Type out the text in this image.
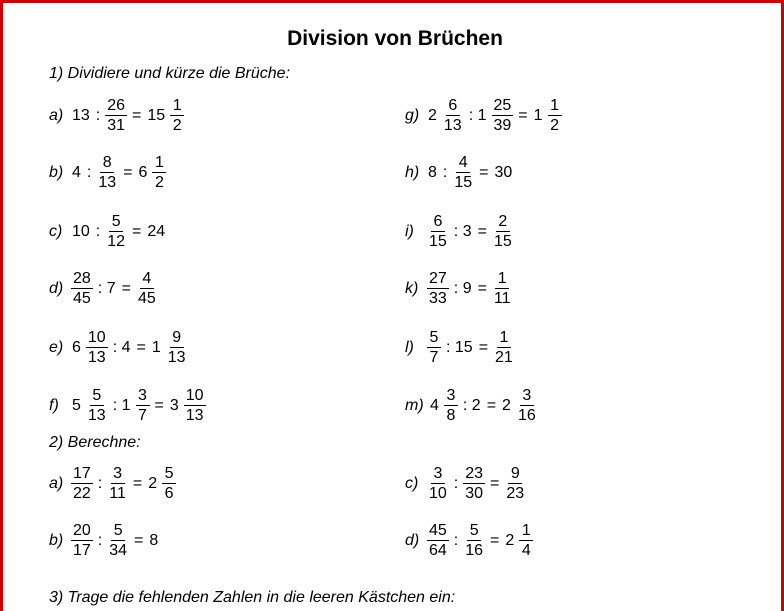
Division von Brüchen
1) Dividiere und kürze die Brüche:
a) 13 : $\frac{26}{31} = 15 \frac{1}{2}$	g) $2 \frac{6}{13}$ : $1 \frac{25}{39} = 1 \frac{1}{2}$
b) 4 : $\frac{8}{13} = 6 \frac{1}{2}$	h) 8 : $\frac{4}{15} = 30$
c) 10 : $\frac{5}{12} = 24$	$i) \frac{6}{15}$ : $3 = \frac{2}{15}$
$d) \frac{28}{45}$ : $7 = \frac{4}{45}$	$k) \frac{27}{33}$ : $9 = \frac{1}{11}$
e) $6 \frac{10}{13}$ : $4 = 1 \frac{9}{13}$	$l) \frac{5}{7}$ : $15 = \frac{1}{21}$
f) $5 \frac{5}{13}$ : $1 \frac{3}{7} = 3 \frac{10}{13}$	m) $4 \frac{3}{8}$ : $2 = 2 \frac{3}{16}$
2) Berechne:
$a) \frac{17}{22}$ : $\frac{3}{11} = 2 \frac{5}{6}$	$c) \frac{3}{10}$ : $\frac{23}{30} = \frac{9}{23}$
$b) \frac{20}{17}$ : $\frac{5}{34} = 8$	$d) \frac{45}{64}$ : $\frac{5}{16} = 2 \frac{1}{4}$
3) Trage die fehlenden Zahlen in die leeren Kästchen ein:
